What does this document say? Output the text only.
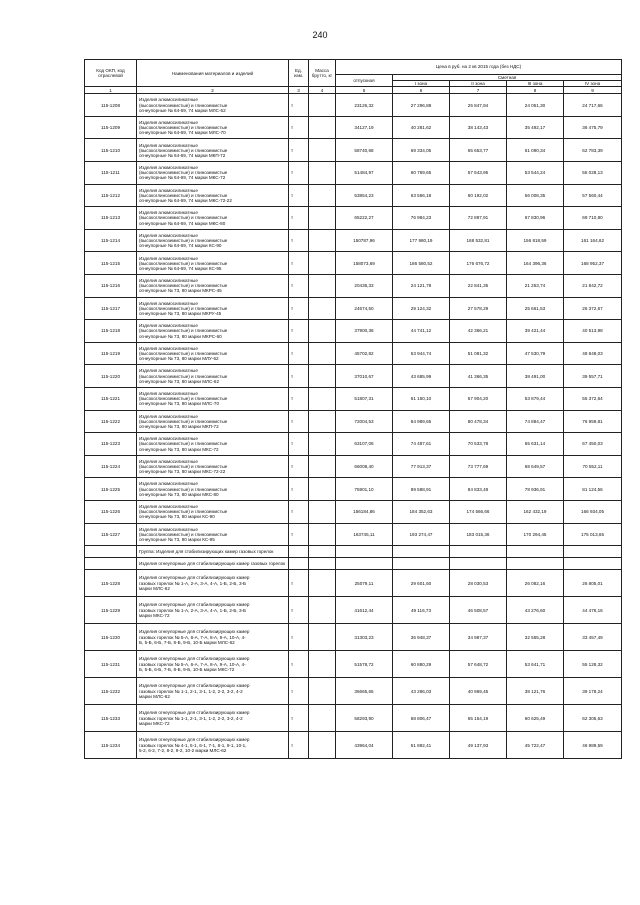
240
Код ОКП, код отраслевой	Наименования материалов и изделий	Ед. изм.	Масса брутто, кг	Цена в руб. на 2 кв 2015 года (без НДС)				
				отпускная	Сметная			
					I зона	II зона	III зона	IV зона

1	2	3	4	5	6	7	8	9
115-1208	Изделия алюмосиликатные
(высокоглиноземистые) и глиноземистые
огнеупорные № 64-69, 74 марки МЛС-62	т		23126,32	27 296,88	25 847,94	24 051,30	24 717,66
115-1209	Изделия алюмосиликатные
(высокоглиноземистые) и глиноземистые
огнеупорные № 64-69, 74 марки МЛС-70	т		34127,19	40 281,62	38 143,43	35 492,17	36 475,79
115-1210	Изделия алюмосиликатные
(высокоглиноземистые) и глиноземистые
огнеупорные № 64-69, 74 марки МКП-72	т		58740,68	69 334,05	65 653,77	61 090,34	62 783,39
115-1211	Изделия алюмосиликатные
(высокоглиноземистые) и глиноземистые
огнеупорные № 64-69, 74 марки МКС-72	т		51484,97	60 769,65	57 543,95	53 544,24	55 028,13
115-1212	Изделия алюмосиликатные
(высокоглиноземистые) и глиноземистые
огнеупорные № 64-69, 74 марки МКС-72-22	т		53854,23	63 566,18	60 192,02	56 008,35	57 560,44
115-1213	Изделия алюмосиликатные
(высокоглиноземистые) и глиноземистые
огнеупорные № 64-69, 74 марки МКС-80	т		65222,27	76 984,23	72 897,91	67 830,96	69 710,80
115-1214	Изделия алюмосиликатные
(высокоглиноземистые) и глиноземистые
огнеупорные № 64-69, 74 марки КС-90	т		150787,96	177 980,19	168 532,81	156 818,59	161 164,62
115-1215	Изделия алюмосиликатные
(высокоглиноземистые) и глиноземистые
огнеупорные № 64-69, 74 марки КС-95	т		158073,69	186 580,52	176 676,72	164 396,36	168 952,37
115-1216	Изделия алюмосиликатные
(высокоглиноземистые) и глиноземистые
огнеупорные № 73, 80 марки МКРС-45	т		20436,33	24 121,78	22 841,35	21 253,74	21 842,72
115-1217	Изделия алюмосиликатные
(высокоглиноземистые) и глиноземистые
огнеупорные № 73, 80 марки МКРУ-45	т		24674,50	29 124,32	27 578,29	25 661,53	26 372,67
115-1218	Изделия алюмосиликатные
(высокоглиноземистые) и глиноземистые
огнеупорные № 73, 80 марки МКРС-60	т		37900,36	44 741,12	42 366,21	39 421,44	40 513,98
115-1219	Изделия алюмосиликатные
(высокоглиноземистые) и глиноземистые
огнеупорные № 73, 80 марки МЛУ-62	т		45702,82	53 944,74	51 081,32	47 530,79	48 848,03
115-1220	Изделия алюмосиликатные
(высокоглиноземистые) и глиноземистые
огнеупорные № 73, 80 марки МЛС-62	т		37010,67	43 685,99	41 366,35	38 491,00	39 557,71
115-1221	Изделия алюмосиликатные
(высокоглиноземистые) и глиноземистые
огнеупорные № 73, 80 марки МЛС-70	т		51807,31	61 150,10	57 904,20	53 879,44	55 372,64
115-1222	Изделия алюмосиликатные
(высокоглиноземистые) и глиноземистые
огнеупорные № 73, 80 марки МКП-72	т		72004,53	84 989,65	80 478,34	74 884,47	76 959,81
115-1223	Изделия алюмосиликатные
(высокоглиноземистые) и глиноземистые
огнеупорные № 73, 80 марки МКС-72	т		63107,06	74 487,61	70 533,78	65 631,14	67 450,03
115-1224	Изделия алюмосиликатные
(высокоглиноземистые) и глиноземистые
огнеупорные № 73, 80 марки МКС-72-22	т		66008,40	77 913,37	73 777,69	68 649,57	70 552,11
115-1225	Изделия алюмосиликатные
(высокоглиноземистые) и глиноземистые
огнеупорные № 73, 80 марки МКС-80	т		75901,10	89 588,91	84 833,48	78 936,91	81 124,56
115-1226	Изделия алюмосиликатные
(высокоглиноземистые) и глиноземистые
огнеупорные № 73, 80 марки КС-90	т		156184,86	184 352,63	174 566,66	162 432,19	166 934,05
115-1227	Изделия алюмосиликатные
(высокоглиноземистые) и глиноземистые
огнеупорные № 73, 80 марки КС-95	т		163745,11	193 274,47	183 015,36	170 294,45	175 013,65
	Группа: Изделия для стабилизирующих камер газовых горелок							
	Изделия огнеупорные для стабилизирующих камер газовых горелок							
115-1228	Изделия огнеупорные для стабилизирующих камер
газовых горелок № 1-А, 2-А, 3-А, 4-А, 1-Б, 2-Б, 3-Б
марки МЛС-62	т		25079,11	29 601,60	28 030,53	26 082,16	26 805,01
115-1229	Изделия огнеупорные для стабилизирующих камер
газовых горелок № 1-А, 2-А, 3-А, 4-А, 1-Б, 2-Б, 3-Б
марки МКС-72	т		41612,44	49 116,73	46 508,57	43 276,60	44 476,16
115-1230	Изделия огнеупорные для стабилизирующих камер
газовых горелок № 5-А, 6-А, 7-А, 8-А, 9-А, 10-А, 4-
Б, 5-Б, 6-Б, 7-Б, 8-Б, 9-Б, 10-Б марки МЛС-62	т		31303,23	36 948,37	34 987,37	32 555,28	33 457,49
115-1231	Изделия огнеупорные для стабилизирующих камер
газовых горелок № 5-А, 6-А, 7-А, 8-А, 9-А, 10-А, 4-
Б, 5-Б, 6-Б, 7-Б, 8-Б, 9-Б, 10-Б марки МКС-72	т		51578,72	60 880,29	57 648,72	53 641,71	55 128,32
115-1232	Изделия огнеупорные для стабилизирующих камер
газовых горелок № 1-1, 2-1, 3-1, 1-2, 2-2, 3-2, 4-2
марки МЛС-62	т		36665,65	43 286,03	40 969,45	38 121,76	39 178,24
115-1233	Изделия огнеупорные для стабилизирующих камер
газовых горелок № 1-1, 2-1, 3-1, 1-2, 2-2, 3-2, 4-2
марки МКС-72	т		58293,90	68 806,47	65 154,19	60 625,49	62 305,63
115-1234	Изделия огнеупорные для стабилизирующих камер
газовых горелок № 4-1, 5-1, 6-1, 7-1, 8-1, 9-1, 10-1,
5-2, 6-2, 7-2, 8-2, 9-2, 10-2 марки МЛС-62	т		43964,04	51 892,41	49 137,93	45 722,47	46 989,59
